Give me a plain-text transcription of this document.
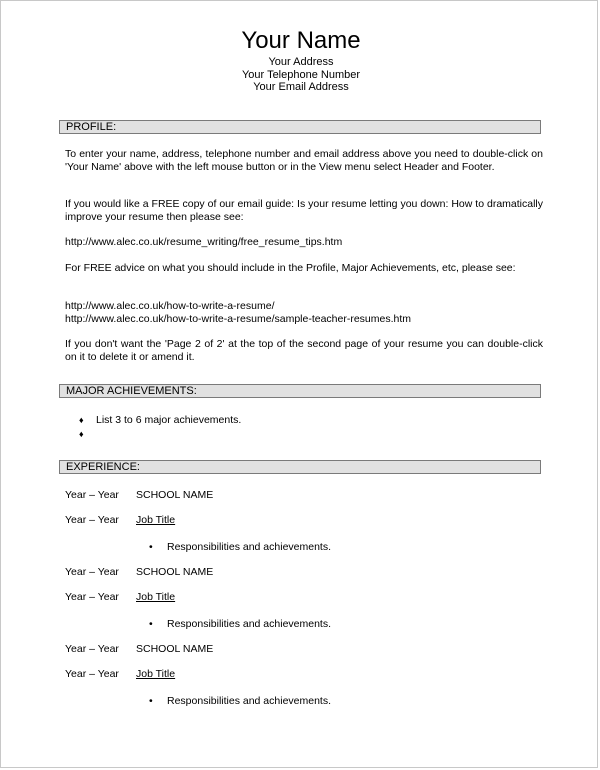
Your Name
Your Address
Your Telephone Number
Your Email Address
PROFILE:
To enter your name, address, telephone number and email address above you need to double-click on 'Your Name' above with the left mouse button or in the View menu select Header and Footer.
If you would like a FREE copy of our email guide: Is your resume letting you down: How to dramatically improve your resume then please see:
http://www.alec.co.uk/resume_writing/free_resume_tips.htm
For FREE advice on what you should include in the Profile, Major Achievements, etc, please see:
http://www.alec.co.uk/how-to-write-a-resume/
http://www.alec.co.uk/how-to-write-a-resume/sample-teacher-resumes.htm
If you don't want the 'Page 2 of 2' at the top of the second page of your resume you can double-click on it to delete it or amend it.
MAJOR ACHIEVEMENTS:
♦ List 3 to 6 major achievements.
♦
EXPERIENCE:
Year – Year SCHOOL NAME
Year – Year Job Title
• Responsibilities and achievements.
Year – Year SCHOOL NAME
Year – Year Job Title
• Responsibilities and achievements.
Year – Year SCHOOL NAME
Year – Year Job Title
• Responsibilities and achievements.
